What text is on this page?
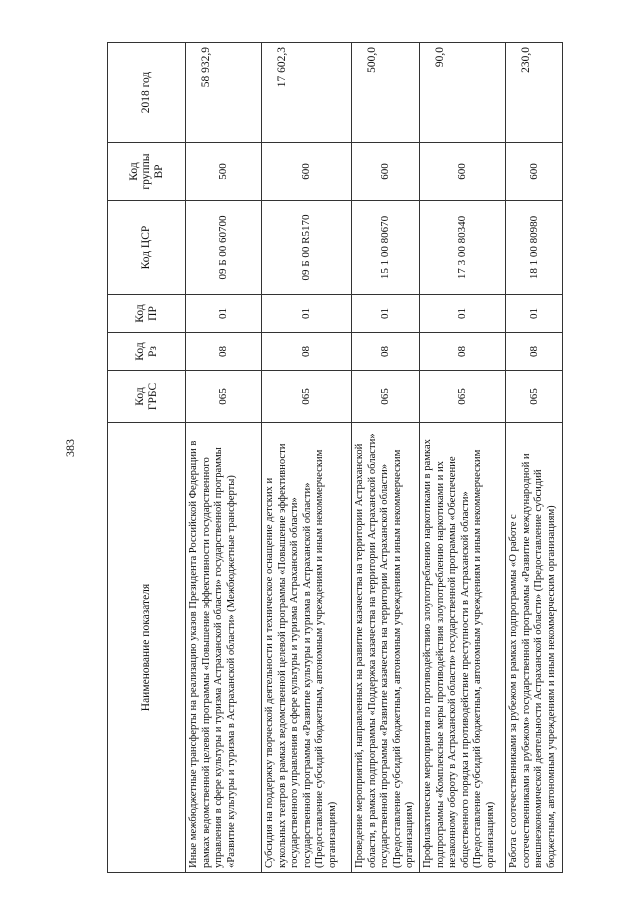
383
Наименование показателя	Код ГРБС	Код Рз	Код ПР	Код ЦСР	Код группы ВР	2018 год
Иные межбюджетные трансферты на реализацию указов Президента Российской Федерации в рамках ведомственной целевой программы «Повышение эффективности государственного управления в сфере культуры и туризма Астраханской области» государственной программы «Развитие культуры и туризма в Астраханской области» (Межбюджетные трансферты)	065	08	01	09 Б 00 60700	500	58 932,9
Субсидия на поддержку творческой деятельности и техническое оснащение детских и кукольных театров в рамках ведомственной целевой программы «Повышение эффективности государственного управления в сфере культуры и туризма Астраханской области» государственной программы «Развитие культуры и туризма в Астраханской области» (Предоставление субсидий бюджетным, автономным учреждениям и иным некоммерческим организациям)	065	08	01	09 Б 00 R5170	600	17 602,3
Проведение мероприятий, направленных на развитие казачества на территории Астраханской области, в рамках подпрограммы «Поддержка казачества на территории Астраханской области» государственной программы «Развитие казачества на территории Астраханской области» (Предоставление субсидий бюджетным, автономным учреждениям и иным некоммерческим организациям)	065	08	01	15 1 00 80670	600	500,0
Профилактические мероприятия по противодействию злоупотреблению наркотиками в рамках подпрограммы «Комплексные меры противодействия злоупотреблению наркотиками и их незаконному обороту в Астраханской области» государственной программы «Обеспечение общественного порядка и противодействие преступности в Астраханской области» (Предоставление субсидий бюджетным, автономным учреждениям и иным некоммерческим организациям)	065	08	01	17 3 00 80340	600	90,0
Работа с соотечественниками за рубежом в рамках подпрограммы «О работе с соотечественниками за рубежом» государственной программы «Развитие международной и внешнеэкономической деятельности Астраханской области» (Предоставление субсидий бюджетным, автономным учреждениям и иным некоммерческим организациям)	065	08	01	18 1 00 80980	600	230,0
